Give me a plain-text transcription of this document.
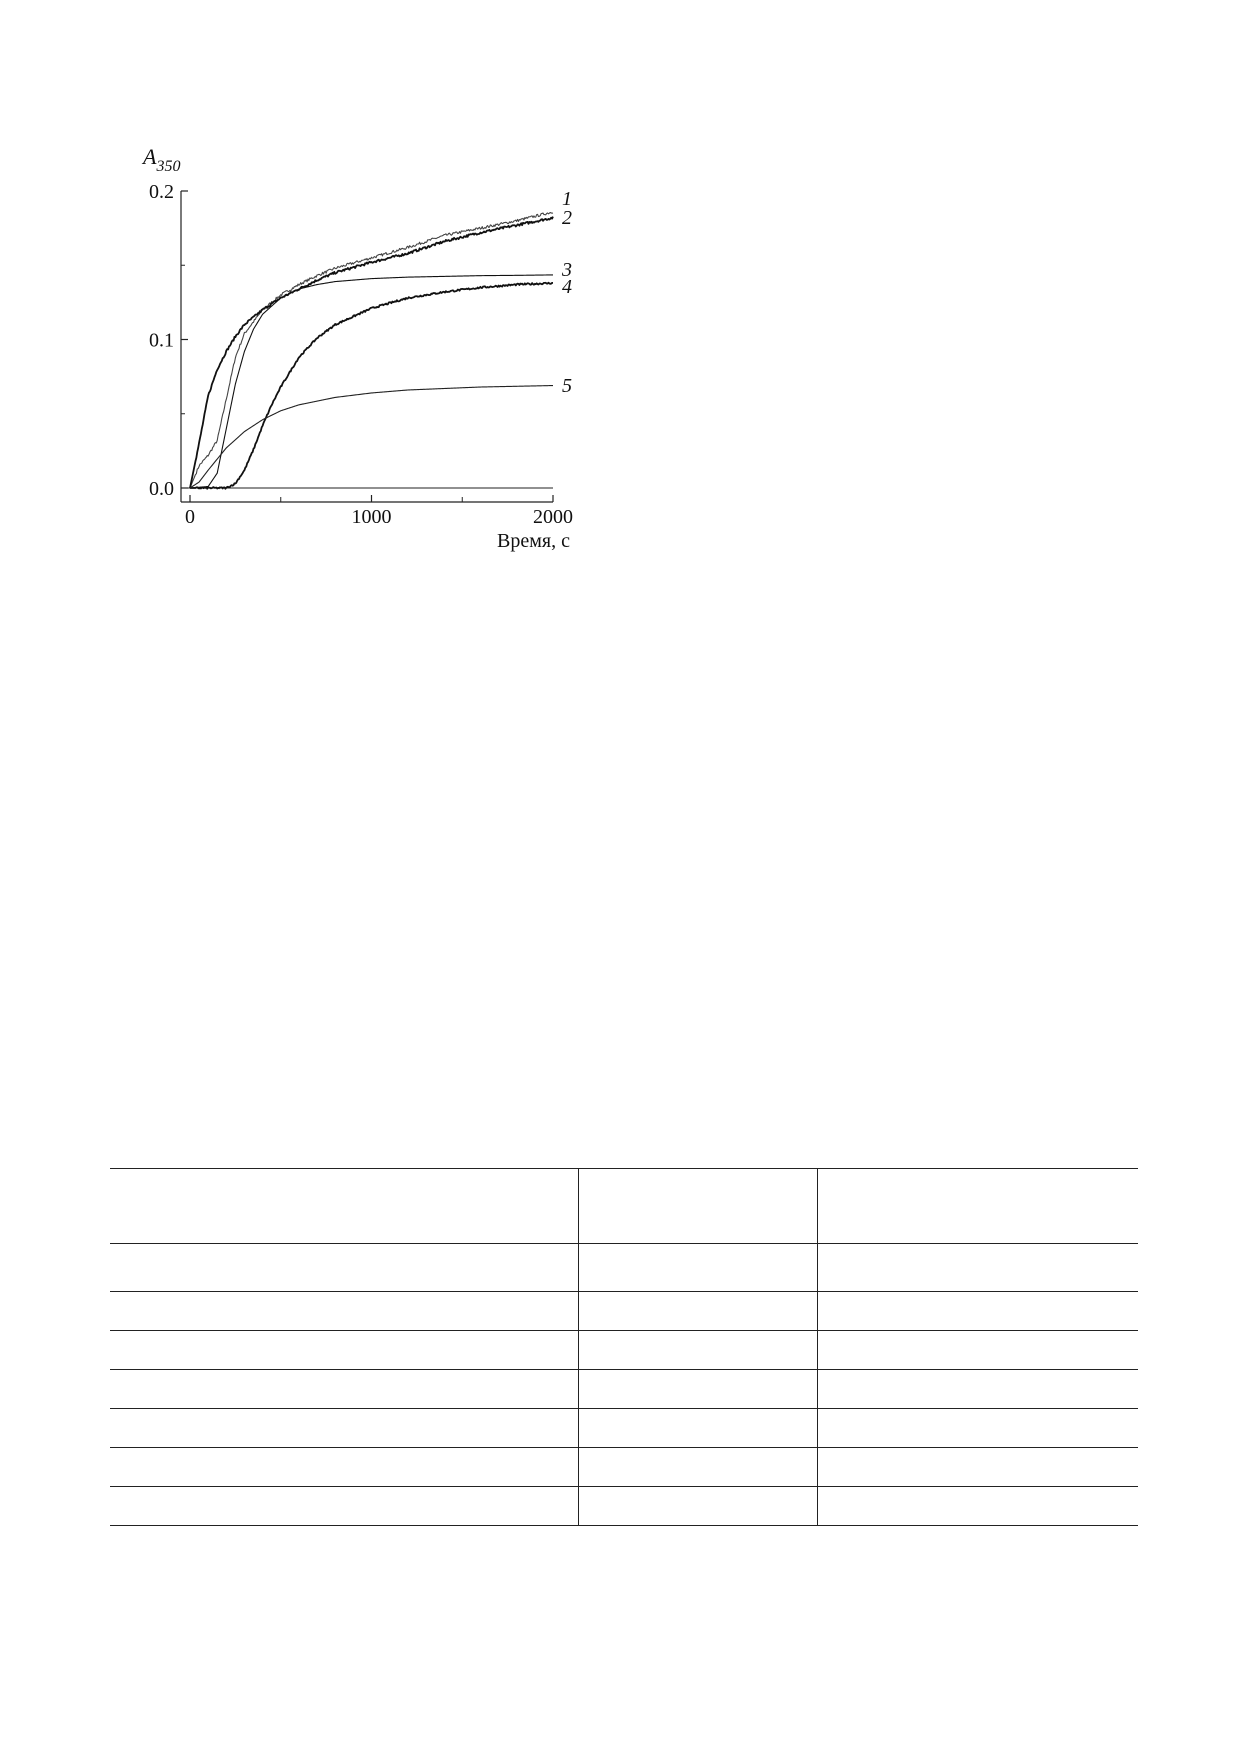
0.0
0.1
0.2
0	1000	2000
$A_{350}$
Время, с
1
2
3
4
5
